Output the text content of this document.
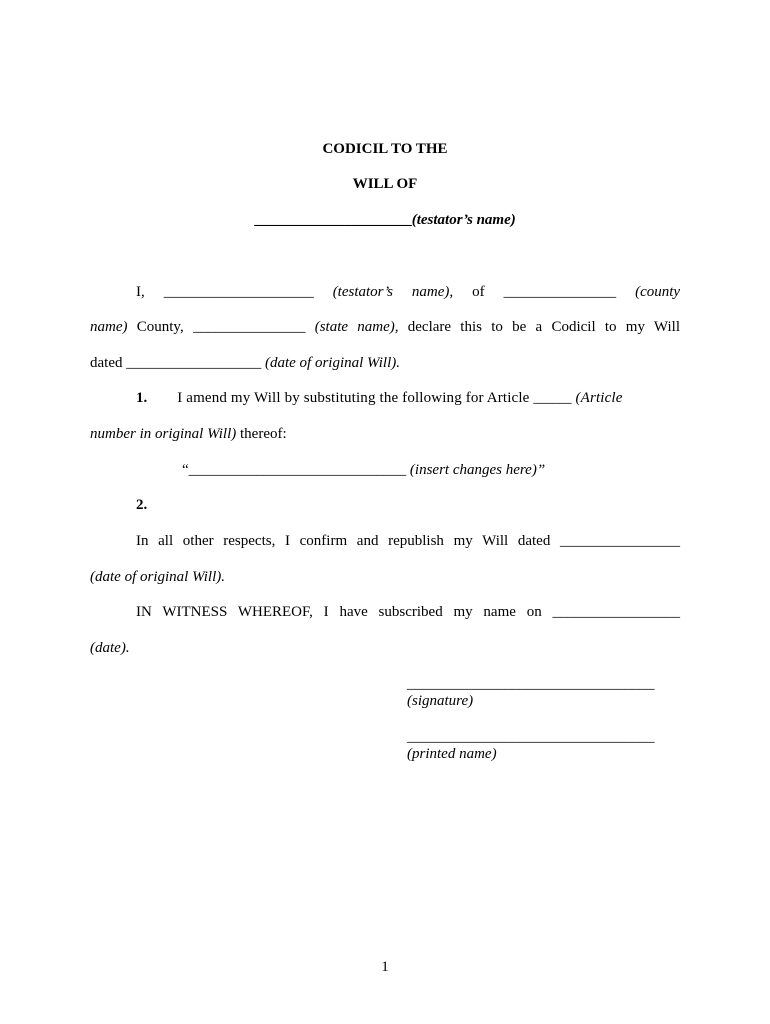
CODICIL TO THE
WILL OF
_____________________(testator’s name)
I, ____________________ (testator’s name), of _______________ (county
name) County, _______________ (state name), declare this to be a Codicil to my Will
dated __________________ (date of original Will).
1. I amend my Will by substituting the following for Article _____ (Article
number in original Will) thereof:
“_____________________________ (insert changes here)”
2.
In all other respects, I confirm and republish my Will dated ________________
(date of original Will).
IN WITNESS WHEREOF, I have subscribed my name on _________________
(date).
_________________________________
(signature)
_________________________________
(printed name)
1
